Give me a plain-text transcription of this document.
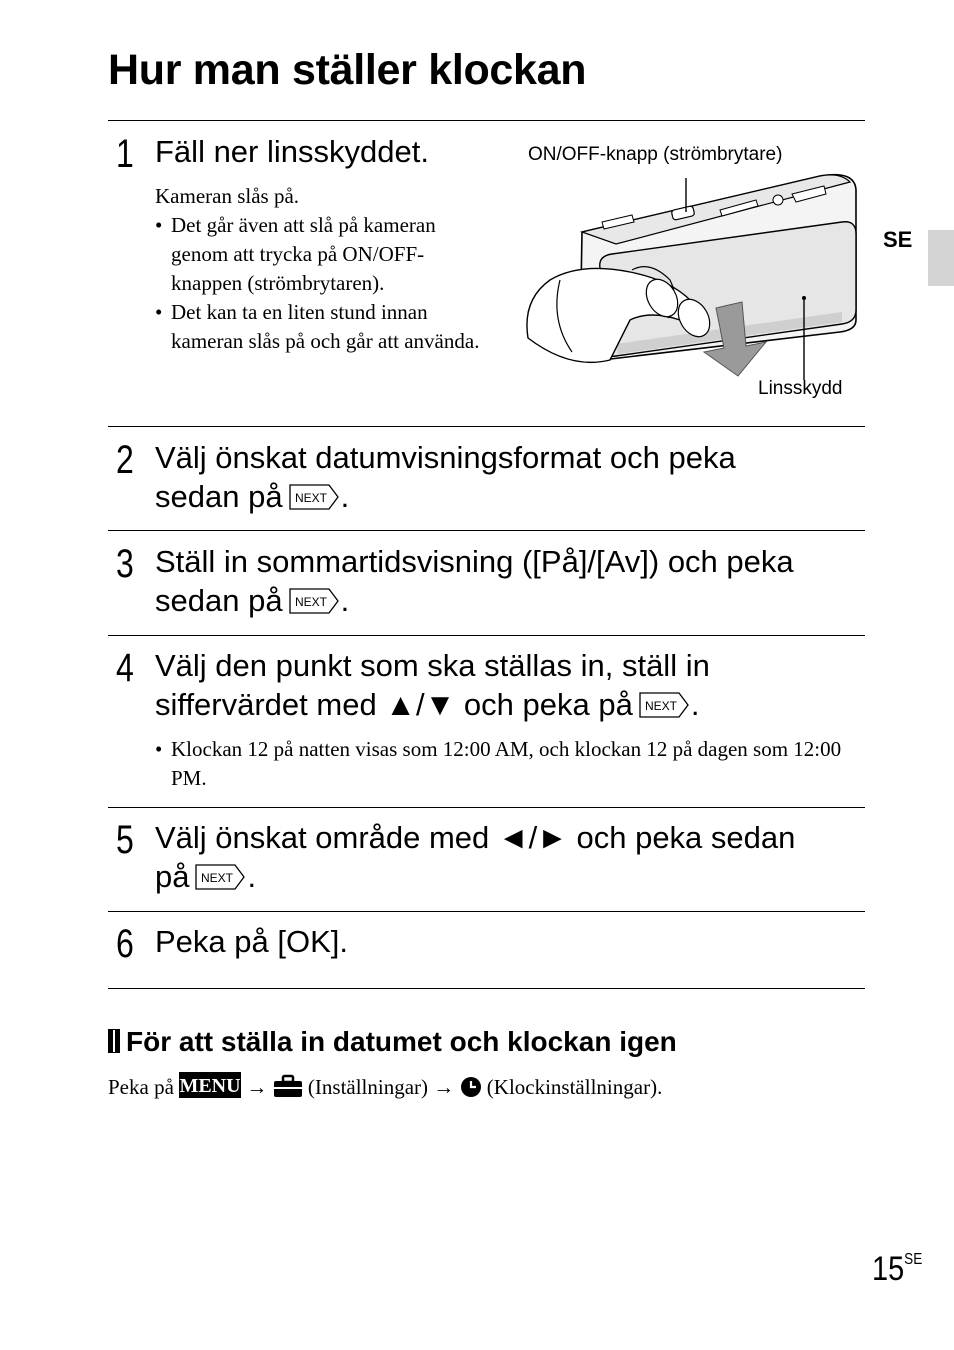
Hur man ställer klockan
SE
1 Fäll ner linsskyddet.
Kameran slås på.
• Det går även att slå på kameran genom att trycka på ON/OFF-knappen (strömbrytaren).
• Det kan ta en liten stund innan kameran slås på och går att använda.
ON/OFF-knapp (strömbrytare)
Linsskydd
2 Välj önskat datumvisningsformat och peka
sedan på NEXT .
3 Ställ in sommartidsvisning ([På]/[Av]) och peka
sedan på NEXT .
4 Välj den punkt som ska ställas in, ställ in
siffervärdet med ▲/▼ och peka på NEXT .
• Klockan 12 på natten visas som 12:00 AM, och klockan 12 på dagen som 12:00 PM.
5 Välj önskat område med ◄/► och peka sedan
på NEXT .
6 Peka på [OK].
För att ställa in datumet och klockan igen
Peka på MENU → (Inställningar) → (Klockinställningar).
$15^{SE}$
